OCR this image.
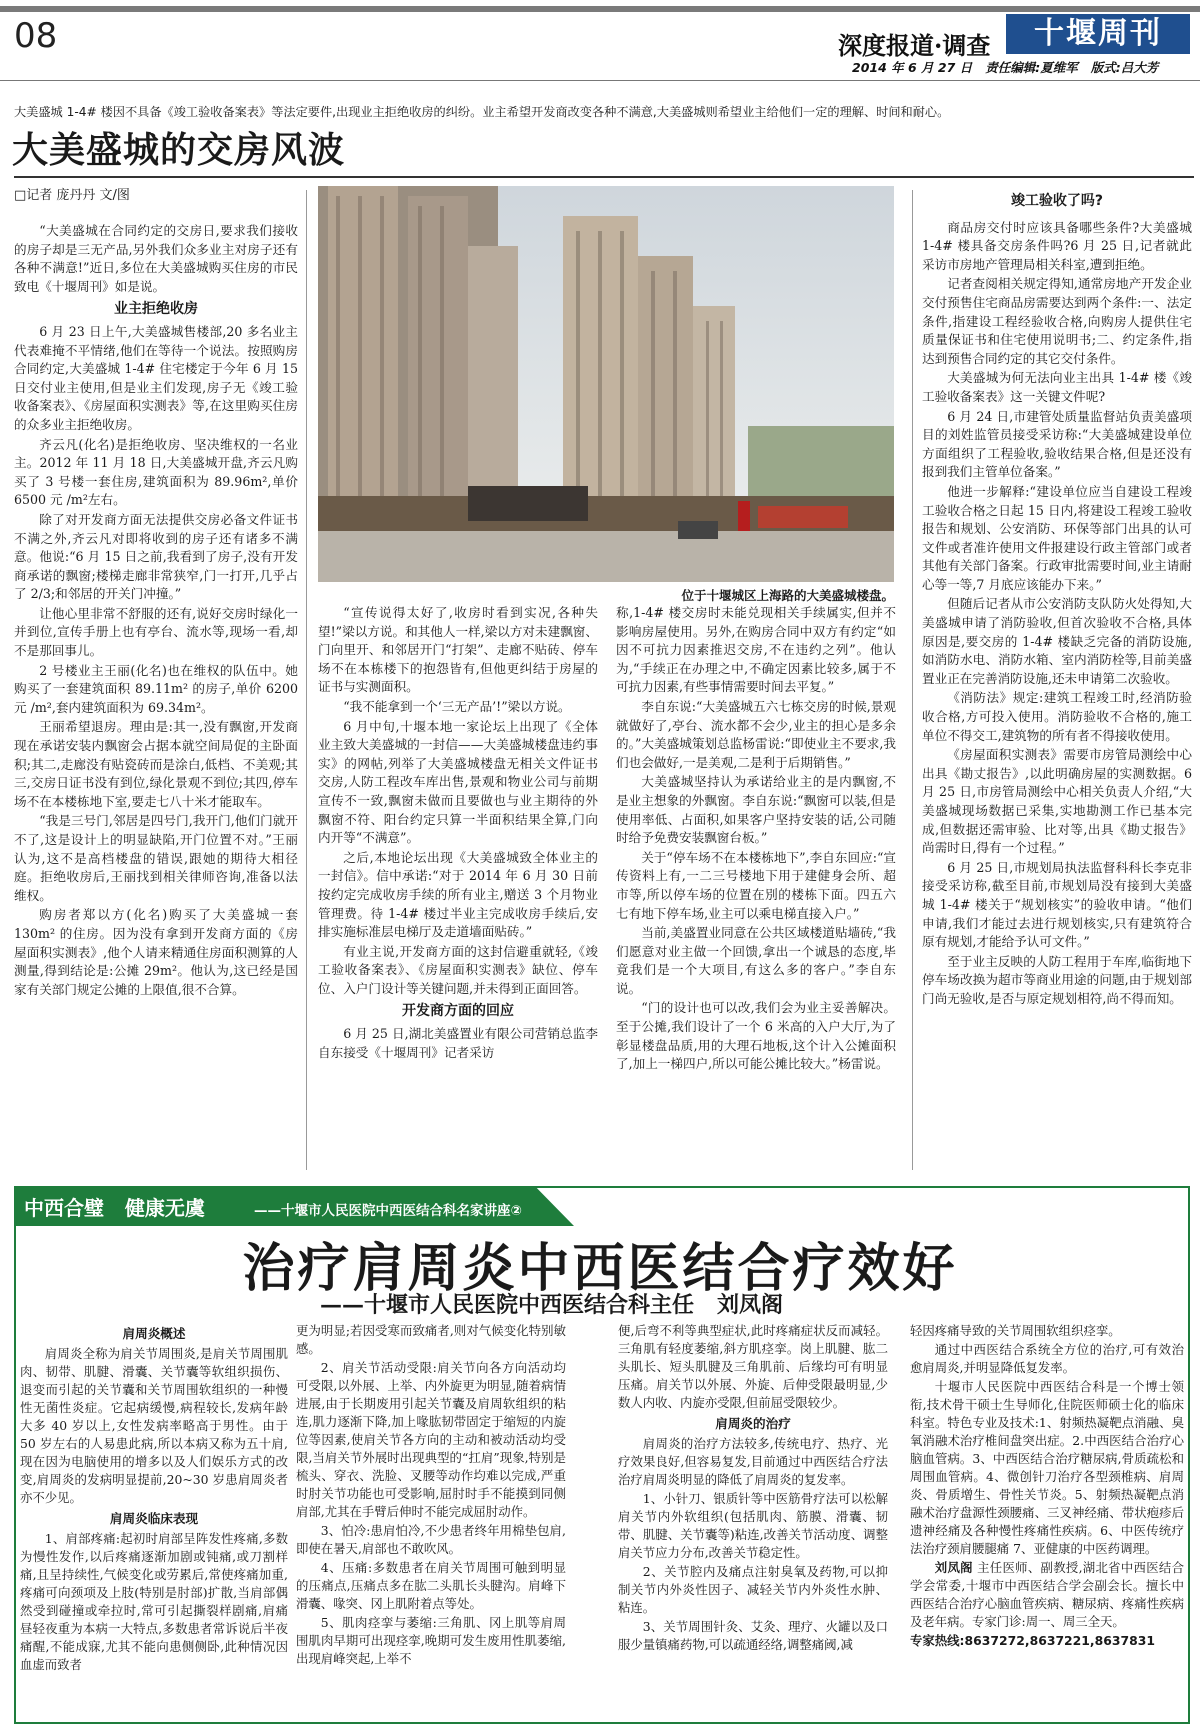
08	深度报道·调查	十堰周刊
2014 年 6 月 27 日 责任编辑:夏维军 版式:吕大芳
大美盛城 1-4# 楼因不具备《竣工验收备案表》等法定要件,出现业主拒绝收房的纠纷。业主希望开发商改变各种不满意,大美盛城则希望业主给他们一定的理解、时间和耐心。
大美盛城的交房风波
□记者 庞丹丹 文/图
位于十堰城区上海路的大美盛城楼盘。

“大美盛城在合同约定的交房日,要求我们接收的房子却是三无产品,另外我们众多业主对房子还有各种不满意!”近日,多位在大美盛城购买住房的市民致电《十堰周刊》如是说。

业主拒绝收房

6 月 23 日上午,大美盛城售楼部,20 多名业主代表难掩不平情绪,他们在等待一个说法。按照购房合同约定,大美盛城 1-4# 住宅楼定于今年 6 月 15 日交付业主使用,但是业主们发现,房子无《竣工验收备案表》、《房屋面积实测表》等,在这里购买住房的众多业主拒绝收房。

齐云凡(化名)是拒绝收房、坚决维权的一名业主。2012 年 11 月 18 日,大美盛城开盘,齐云凡购买了 3 号楼一套住房,建筑面积为 89.96m²,单价 6500 元 /m²左右。

除了对开发商方面无法提供交房必备文件证书不满之外,齐云凡对即将收到的房子还有诸多不满意。他说:“6 月 15 日之前,我看到了房子,没有开发商承诺的飘窗;楼梯走廊非常狭窄,门一打开,几乎占了 2/3;和邻居的开关门冲撞。”

让他心里非常不舒服的还有,说好交房时绿化一并到位,宣传手册上也有亭台、流水等,现场一看,却不是那回事儿。

2 号楼业主王丽(化名)也在维权的队伍中。她购买了一套建筑面积 89.11m² 的房子,单价 6200 元 /m²,套内建筑面积为 69.34m²。

王丽希望退房。理由是:其一,没有飘窗,开发商现在承诺安装内飘窗会占据本就空间局促的主卧面积;其二,走廊没有贴瓷砖而是涂白,低档、不美观;其三,交房日证书没有到位,绿化景观不到位;其四,停车场不在本楼栋地下室,要走七八十米才能取车。

“我是三号门,邻居是四号门,我开门,他们门就开不了,这是设计上的明显缺陷,开门位置不对。”王丽认为,这不是高档楼盘的错误,跟她的期待大相径庭。拒绝收房后,王丽找到相关律师咨询,准备以法维权。

购房者郑以方(化名)购买了大美盛城一套 130m² 的住房。因为没有拿到开发商方面的《房屋面积实测表》,他个人请来精通住房面积测算的人测量,得到结论是:公摊 29m²。他认为,这已经是国家有关部门规定公摊的上限值,很不合算。

“宣传说得太好了,收房时看到实况,各种失望!”梁以方说。和其他人一样,梁以方对未建飘窗、门向里开、和邻居开门“打架”、走廊不贴砖、停车场不在本栋楼下的抱怨皆有,但他更纠结于房屋的证书与实测面积。

“我不能拿到一个‘三无产品’!”梁以方说。

6 月中旬,十堰本地一家论坛上出现了《全体业主致大美盛城的一封信——大美盛城楼盘违约事实》的网帖,列举了大美盛城楼盘无相关文件证书交房,人防工程改车库出售,景观和物业公司与前期宣传不一致,飘窗未做而且要做也与业主期待的外飘窗不符、阳台约定只算一半面积结果全算,门向内开等“不满意”。

之后,本地论坛出现《大美盛城致全体业主的一封信》。信中承诺:“对于 2014 年 6 月 30 日前按约定完成收房手续的所有业主,赠送 3 个月物业管理费。待 1-4# 楼过半业主完成收房手续后,安排实施标准层电梯厅及走道墙面贴砖。”

有业主说,开发商方面的这封信避重就轻,《竣工验收备案表》、《房屋面积实测表》缺位、停车位、入户门设计等关键问题,并未得到正面回答。

开发商方面的回应

6 月 25 日,湖北美盛置业有限公司营销总监李自东接受《十堰周刊》记者采访

称,1-4# 楼交房时未能兑现相关手续属实,但并不影响房屋使用。另外,在购房合同中双方有约定“如因不可抗力因素推迟交房,不在违约之列”。他认为,“手续正在办理之中,不确定因素比较多,属于不可抗力因素,有些事情需要时间去平复。”

李自东说:“大美盛城五六七栋交房的时候,景观就做好了,亭台、流水都不会少,业主的担心是多余的。”大美盛城策划总监杨雷说:“即使业主不要求,我们也会做好,一是美观,二是利于后期销售。”

大美盛城坚持认为承诺给业主的是内飘窗,不是业主想象的外飘窗。李自东说:“飘窗可以装,但是使用率低、占面积,如果客户坚持安装的话,公司随时给予免费安装飘窗台板。”

关于“停车场不在本楼栋地下”,李自东回应:“宣传资料上有,一二三号楼地下用于建健身会所、超市等,所以停车场的位置在別的楼栋下面。四五六七有地下停车场,业主可以乘电梯直接入户。”

当前,美盛置业同意在公共区域楼道贴墙砖,“我们愿意对业主做一个回馈,拿出一个诚恳的态度,毕竟我们是一个大项目,有这么多的客户。”李自东说。

“门的设计也可以改,我们会为业主妥善解决。至于公摊,我们设计了一个 6 米高的入户大厅,为了彰显楼盘品质,用的大理石地板,这个计入公摊面积了,加上一梯四户,所以可能公摊比较大。”杨雷说。

竣工验收了吗?

商品房交付时应该具备哪些条件?大美盛城 1-4# 楼具备交房条件吗?6 月 25 日,记者就此采访市房地产管理局相关科室,遭到拒绝。

记者查阅相关规定得知,通常房地产开发企业交付预售住宅商品房需要达到两个条件:一、法定条件,指建设工程经验收合格,向购房人提供住宅质量保证书和住宅使用说明书;二、约定条件,指达到预售合同约定的其它交付条件。

大美盛城为何无法向业主出具 1-4# 楼《竣工验收备案表》这一关键文件呢?

6 月 24 日,市建管处质量监督站负责美盛项目的刘姓监管员接受采访称:“大美盛城建设单位方面组织了工程验收,验收结果合格,但是还没有报到我们主管单位备案。”

他进一步解释:“建设单位应当自建设工程竣工验收合格之日起 15 日内,将建设工程竣工验收报告和规划、公安消防、环保等部门出具的认可文件或者准许使用文件报建设行政主管部门或者其他有关部门备案。行政审批需要时间,业主请耐心等一等,7 月底应该能办下来。”

但随后记者从市公安消防支队防火处得知,大美盛城申请了消防验收,但首次验收不合格,具体原因是,要交房的 1-4# 楼缺乏完备的消防设施,如消防水电、消防水箱、室内消防栓等,目前美盛置业正在完善消防设施,还未申请第二次验收。

《消防法》规定:建筑工程竣工时,经消防验收合格,方可投入使用。消防验收不合格的,施工单位不得交工,建筑物的所有者不得接收使用。

《房屋面积实测表》需要市房管局测绘中心出具《勘丈报告》,以此明确房屋的实测数据。6 月 25 日,市房管局测绘中心相关负责人介绍,“大美盛城现场数据已采集,实地勘测工作已基本完成,但数据还需审验、比对等,出具《勘丈报告》尚需时日,得有一个过程。”

6 月 25 日,市规划局执法监督科科长李克非接受采访称,截至目前,市规划局没有接到大美盛城 1-4# 楼关于“规划核实”的验收申请。“他们申请,我们才能过去进行规划核实,只有建筑符合原有规划,才能给予认可文件。”

至于业主反映的人防工程用于车库,临街地下停车场改换为超市等商业用途的问题,由于规划部门尚无验收,是否与原定规划相符,尚不得而知。

中西合璧   健康无虞	——十堰市人民医院中西医结合科名家讲座②
治疗肩周炎中西医结合疗效好
——十堰市人民医院中西医结合科主任   刘凤阁

肩周炎概述

肩周炎全称为肩关节周围炎,是肩关节周围肌肉、韧带、肌腱、滑囊、关节囊等软组织损伤、退变而引起的关节囊和关节周围软组织的一种慢性无菌性炎症。它起病缓慢,病程较长,发病年龄大多 40 岁以上,女性发病率略高于男性。由于 50 岁左右的人易患此病,所以本病又称为五十肩,现在因为电脑使用的增多以及人们娱乐方式的改变,肩周炎的发病明显提前,20~30 岁患肩周炎者亦不少见。

肩周炎临床表现

1、肩部疼痛:起初时肩部呈阵发性疼痛,多数为慢性发作,以后疼痛逐渐加剧或钝痛,或刀割样痛,且呈持续性,气候变化或劳累后,常使疼痛加重,疼痛可向颈项及上肢(特别是肘部)扩散,当肩部偶然受到碰撞或牵拉时,常可引起撕裂样剧痛,肩痛昼轻夜重为本病一大特点,多数患者常诉说后半夜痛醒,不能成寐,尤其不能向患侧侧卧,此种情况因血虚而致者

更为明显;若因受寒而致痛者,则对气候变化特别敏感。

2、肩关节活动受限:肩关节向各方向活动均可受限,以外展、上举、内外旋更为明显,随着病情进展,由于长期废用引起关节囊及肩周软组织的粘连,肌力逐渐下降,加上喙肱韧带固定于缩短的内旋位等因素,使肩关节各方向的主动和被动活动均受限,当肩关节外展时出现典型的“扛肩”现象,特别是梳头、穿衣、洗脸、叉腰等动作均难以完成,严重时肘关节功能也可受影响,屈肘时手不能摸到同侧肩部,尤其在手臂后伸时不能完成屈肘动作。

3、怕冷:患肩怕冷,不少患者终年用棉垫包肩,即使在暑天,肩部也不敢吹风。

4、压痛:多数患者在肩关节周围可触到明显的压痛点,压痛点多在肱二头肌长头腱沟。肩峰下滑囊、喙突、冈上肌附着点等处。

5、肌肉痉挛与萎缩:三角肌、冈上肌等肩周围肌肉早期可出现痉挛,晚期可发生废用性肌萎缩,出现肩峰突起,上举不

便,后弯不利等典型症状,此时疼痛症状反而减轻。三角肌有轻度萎缩,斜方肌痉挛。岗上肌腱、肱二头肌长、短头肌腱及三角肌前、后缘均可有明显压痛。肩关节以外展、外旋、后伸受限最明显,少数人内收、内旋亦受限,但前屈受限较少。

肩周炎的治疗

肩周炎的治疗方法较多,传统电疗、热疗、光疗效果良好,但容易复发,目前通过中西医结合疗法治疗肩周炎明显的降低了肩周炎的复发率。

1、小针刀、银质针等中医筋骨疗法可以松解肩关节内外软组织(包括肌肉、筋膜、滑囊、韧带、肌腱、关节囊等)粘连,改善关节活动度、调整肩关节应力分布,改善关节稳定性。

2、关节腔内及痛点注射臭氧及药物,可以抑制关节内外炎性因子、减轻关节内外炎性水肿、粘连。

3、关节周围针灸、艾灸、理疗、火罐以及口服少量镇痛药物,可以疏通经络,调整痛阈,减

轻因疼痛导致的关节周围软组织痉挛。

通过中西医结合系统全方位的治疗,可有效治愈肩周炎,并明显降低复发率。

十堰市人民医院中西医结合科是一个博士领衔,技术骨干硕士生导师化,住院医师硕士化的临床科室。特色专业及技术:1、射频热凝靶点消融、臭氧消融术治疗椎间盘突出症。2.中西医结合治疗心脑血管病。3、中西医结合治疗糖尿病,骨质疏松和周围血管病。4、微创针刀治疗各型颈椎病、肩周炎、骨质增生、骨性关节炎。5、射频热凝靶点消融术治疗盘源性颈腰痛、三叉神经痛、带状疱疹后遗神经痛及各种慢性疼痛性疾病。6、中医传统疗法治疗颈肩腰腿痛 7、亚健康的中医药调理。

刘凤阁 主任医师、副教授,湖北省中西医结合学会常委,十堰市中西医结合学会副会长。擅长中西医结合治疗心脑血管疾病、糖尿病、疼痛性疾病及老年病。专家门诊:周一、周三全天。

专家热线:8637272,8637221,8637831
